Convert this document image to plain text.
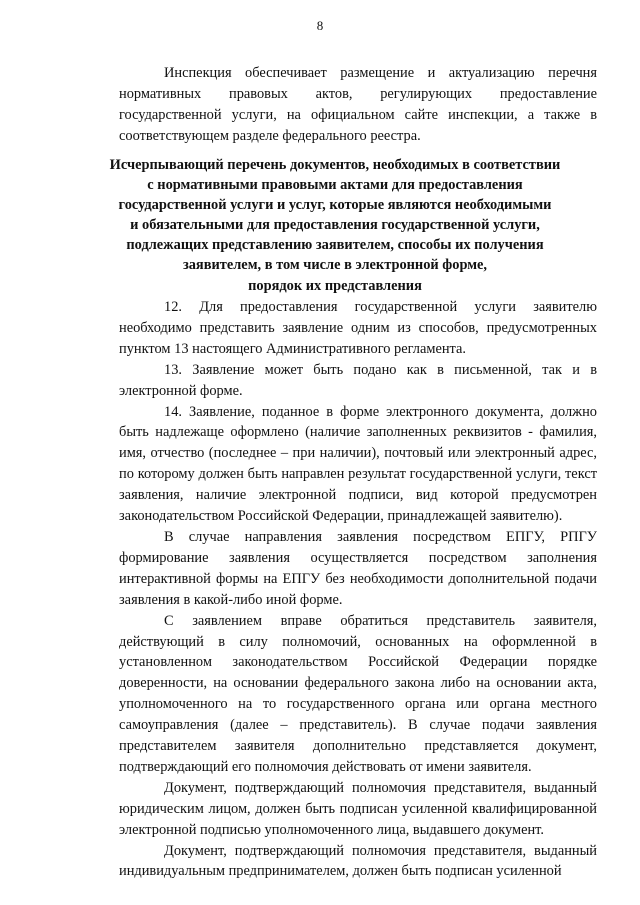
8

Инспекция обеспечивает размещение и актуализацию перечня нормативных правовых актов, регулирующих предоставление государственной услуги, на официальном сайте инспекции, а также в соответствующем разделе федерального реестра.

Исчерпывающий перечень документов, необходимых в соответствии
с нормативными правовыми актами для предоставления
государственной услуги и услуг, которые являются необходимыми
и обязательными для предоставления государственной услуги,
подлежащих представлению заявителем, способы их получения
заявителем, в том числе в электронной форме,
порядок их представления

12. Для предоставления государственной услуги заявителю необходимо представить заявление одним из способов, предусмотренных пунктом 13 настоящего Административного регламента.

13. Заявление может быть подано как в письменной, так и в электронной форме.

14. Заявление, поданное в форме электронного документа, должно быть надлежаще оформлено (наличие заполненных реквизитов - фамилия, имя, отчество (последнее – при наличии), почтовый или электронный адрес, по которому должен быть направлен результат государственной услуги, текст заявления, наличие электронной подписи, вид которой предусмотрен законодательством Российской Федерации, принадлежащей заявителю).

В случае направления заявления посредством ЕПГУ, РПГУ формирование заявления осуществляется посредством заполнения интерактивной формы на ЕПГУ без необходимости дополнительной подачи заявления в какой-либо иной форме.

С заявлением вправе обратиться представитель заявителя, действующий в силу полномочий, основанных на оформленной в установленном законодательством Российской Федерации порядке доверенности, на основании федерального закона либо на основании акта, уполномоченного на то государственного органа или органа местного самоуправления (далее – представитель). В случае подачи заявления представителем заявителя дополнительно представляется документ, подтверждающий его полномочия действовать от имени заявителя.

Документ, подтверждающий полномочия представителя, выданный юридическим лицом, должен быть подписан усиленной квалифицированной электронной подписью уполномоченного лица, выдавшего документ.

Документ, подтверждающий полномочия представителя, выданный индивидуальным предпринимателем, должен быть подписан усиленной
